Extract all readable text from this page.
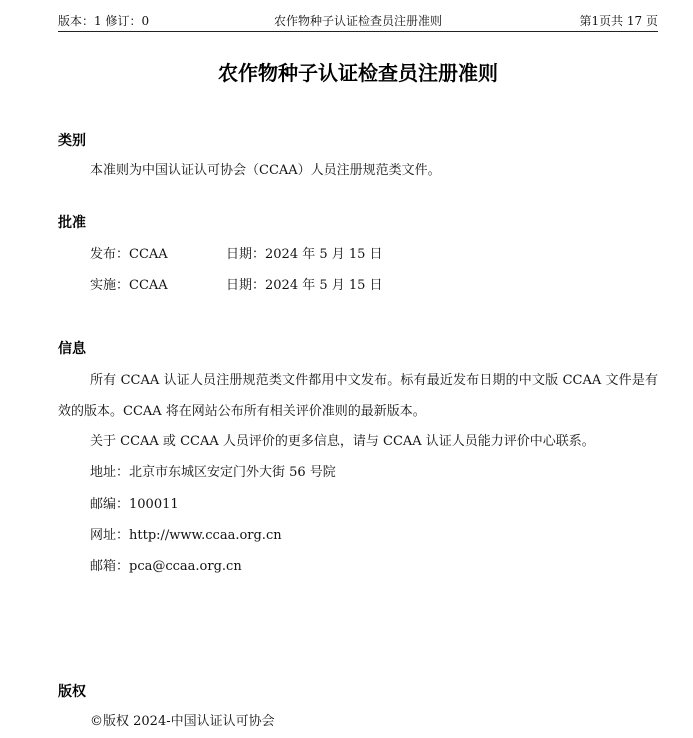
版本：1 修订：0	农作物种子认证检查员注册准则	第1页共 17 页
农作物种子认证检查员注册准则
类别
本准则为中国认证认可协会（CCAA）人员注册规范类文件。
批准
发布：CCAA	日期：2024 年 5 月 15 日
实施：CCAA	日期：2024 年 5 月 15 日
信息
所有 CCAA 认证人员注册规范类文件都用中文发布。标有最近发布日期的中文版 CCAA 文件是有效的版本。CCAA 将在网站公布所有相关评价准则的最新版本。
关于 CCAA 或 CCAA 人员评价的更多信息，请与 CCAA 认证人员能力评价中心联系。
地址：北京市东城区安定门外大街 56 号院
邮编：100011
网址：http://www.ccaa.org.cn
邮箱：pca@ccaa.org.cn
版权
©版权 2024-中国认证认可协会
